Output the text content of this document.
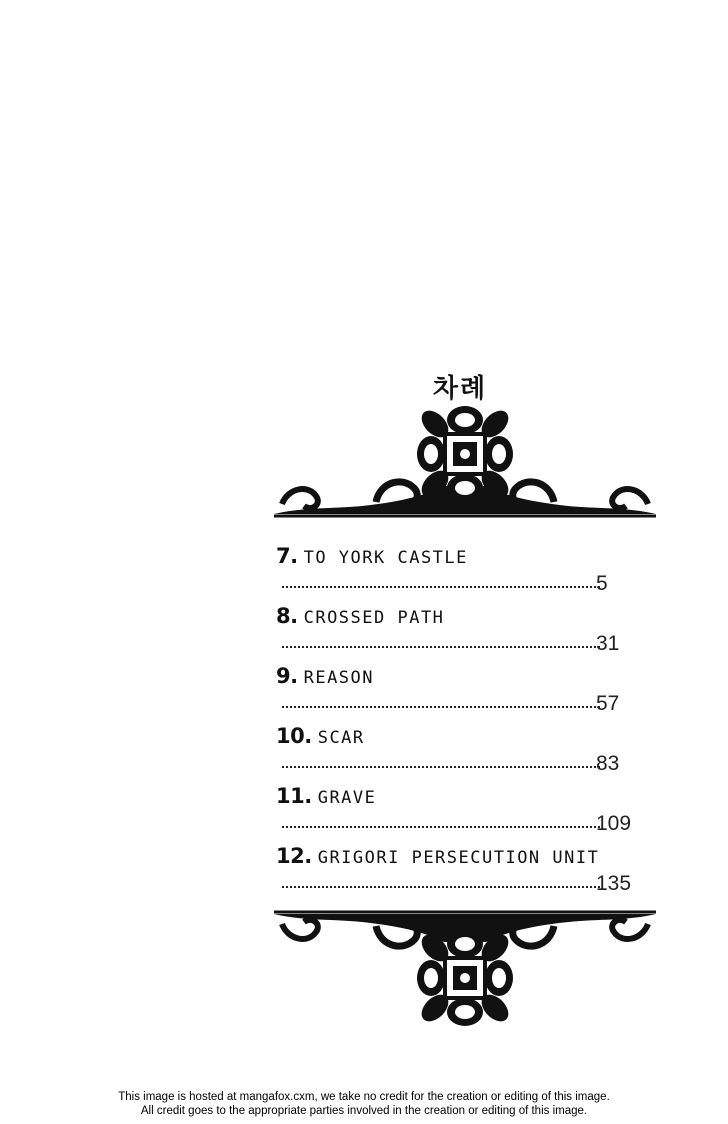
차례
7. TO YORK CASTLE
5
8. CROSSED PATH
31
9. REASON
57
10. SCAR
83
11. GRAVE
109
12. GRIGORI PERSECUTION UNIT
135
This image is hosted at mangafox.cxm, we take no credit for the creation or editing of this image.
All credit goes to the appropriate parties involved in the creation or editing of this image.
